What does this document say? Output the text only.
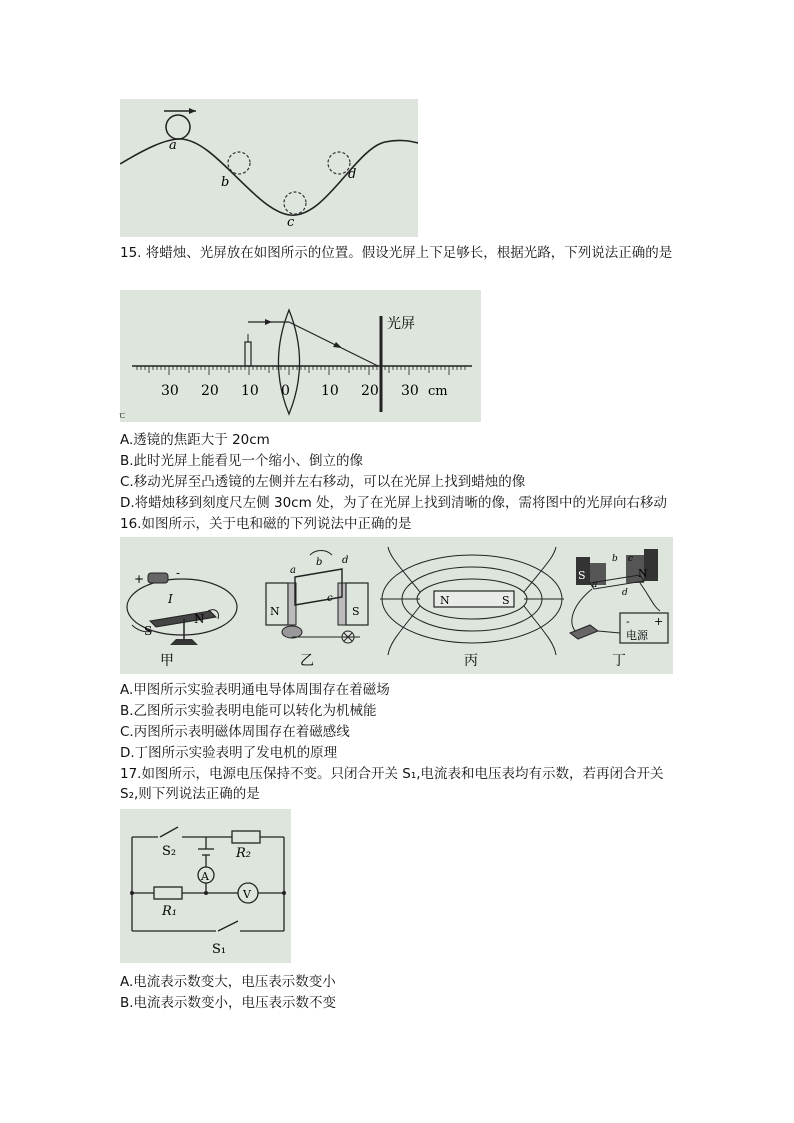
a
b
c
d
15. 将蜡烛、光屏放在如图所示的位置。假设光屏上下足够长，根据光路，下列说法正确的是
光屏
30 20 10 0 10 20 30 cm
ㄷ
A.透镜的焦距大于 20cm
B.此时光屏上能看见一个缩小、倒立的像
C.移动光屏至凸透镜的左侧并左右移动，可以在光屏上找到蜡烛的像
D.将蜡烛移到刻度尺左侧 30cm 处，为了在光屏上找到清晰的像，需将图中的光屏向右移动
16.如图所示，关于电和磁的下列说法中正确的是
+	-
I
S
N
甲
N	S
a
b
c
d
乙
N	S
丙
S	N
a
b c
d
- +
电源
丁
A.甲图所示实验表明通电导体周围存在着磁场
B.乙图所示实验表明电能可以转化为机械能
C.丙图所示表明磁体周围存在着磁感线
D.丁图所示实验表明了发电机的原理
17.如图所示，电源电压保持不变。只闭合开关 S₁,电流表和电压表均有示数，若再闭合开关 S₂,则下列说法正确的是
S₂	R₂
A
R₁
V
S₁
A.电流表示数变大，电压表示数变小
B.电流表示数变小，电压表示数不变
